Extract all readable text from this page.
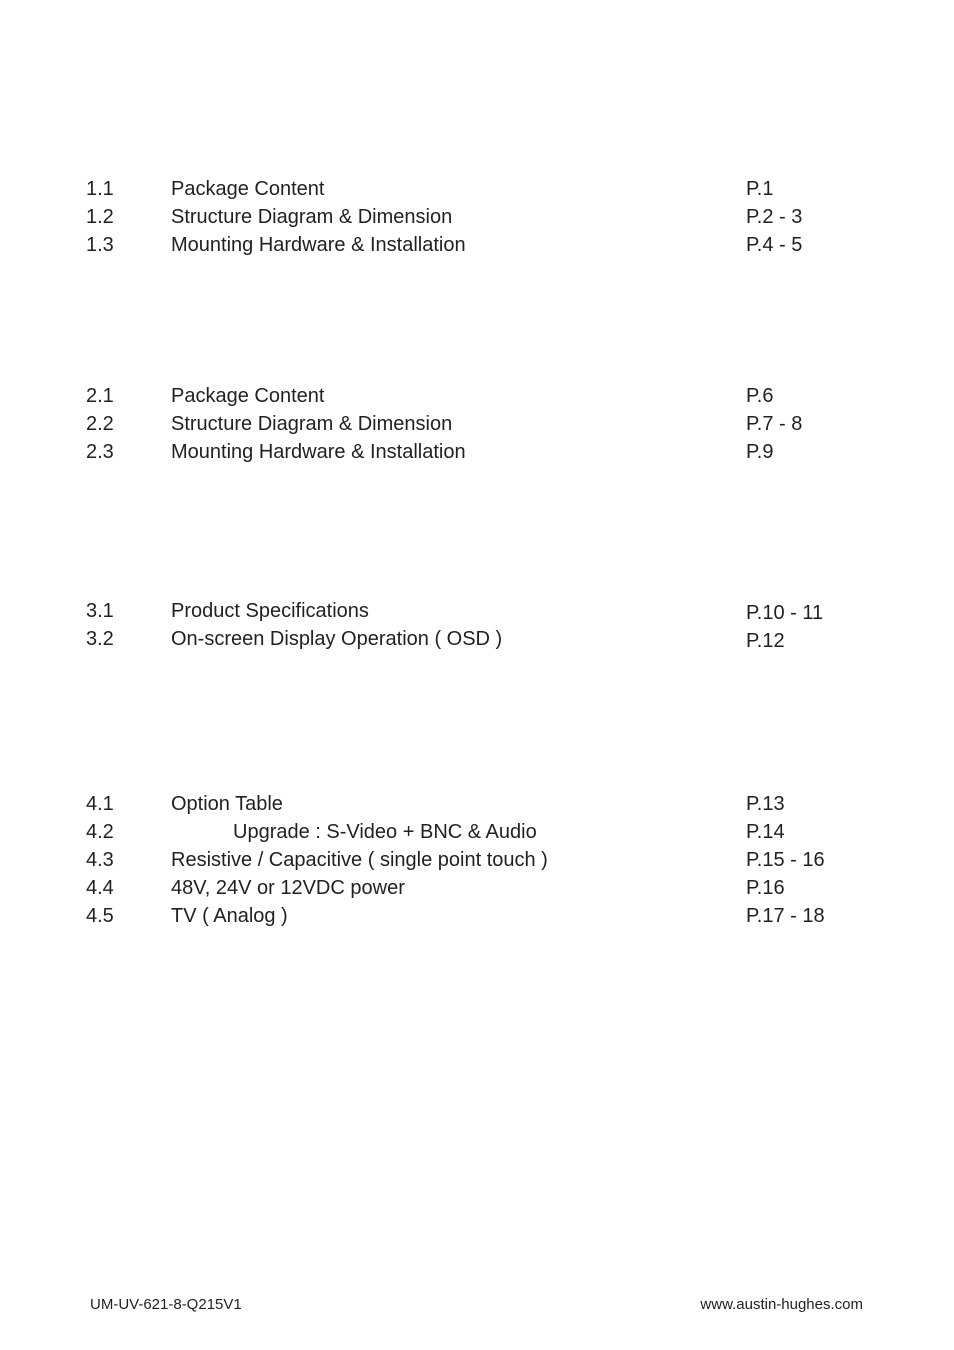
1.1	Package Content	P.1
1.2	Structure Diagram & Dimension	P.2 - 3
1.3	Mounting Hardware & Installation	P.4 - 5
2.1	Package Content	P.6
2.2	Structure Diagram & Dimension	P.7 - 8
2.3	Mounting Hardware & Installation	P.9
3.1	Product Specifications	P.10 - 11
3.2	On-screen Display Operation ( OSD )	P.12
4.1	Option Table	P.13
4.2	Upgrade : S-Video + BNC & Audio	P.14
4.3	Resistive / Capacitive ( single point touch )	P.15 - 16
4.4	48V, 24V or 12VDC power	P.16
4.5	TV ( Analog )	P.17 - 18
UM-UV-621-8-Q215V1	www.austin-hughes.com
